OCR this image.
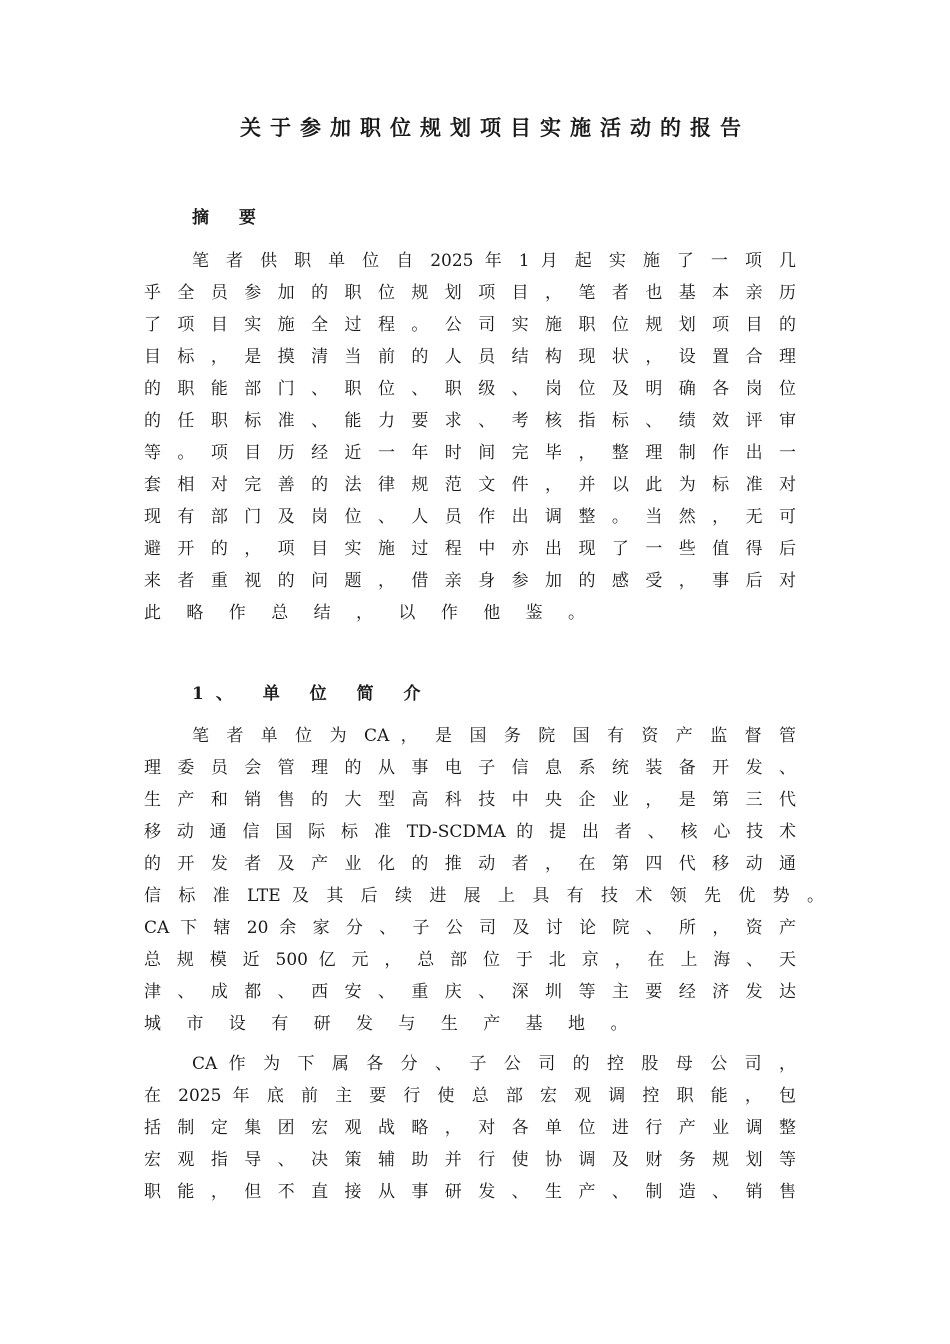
关于参加职位规划项目实施活动的报告
摘 要
笔 者 供 职 单 位 自 2025 年 1 月 起 实 施 了 一 项 几
乎 全 员 参 加 的 职 位 规 划 项 目 ， 笔 者 也 基 本 亲 历
了 项 目 实 施 全 过 程 。 公 司 实 施 职 位 规 划 项 目 的
目 标 ， 是 摸 清 当 前 的 人 员 结 构 现 状 ， 设 置 合 理
的 职 能 部 门 、 职 位 、 职 级 、 岗 位 及 明 确 各 岗 位
的 任 职 标 准 、 能 力 要 求 、 考 核 指 标 、 绩 效 评 审
等 。 项 目 历 经 近 一 年 时 间 完 毕 ， 整 理 制 作 出 一
套 相 对 完 善 的 法 律 规 范 文 件 ， 并 以 此 为 标 准 对
现 有 部 门 及 岗 位 、 人 员 作 出 调 整 。 当 然 ， 无 可
避 开 的 ， 项 目 实 施 过 程 中 亦 出 现 了 一 些 值 得 后
来 者 重 视 的 问 题 ， 借 亲 身 参 加 的 感 受 ， 事 后 对
此 略 作 总 结 ， 以 作 他 鉴 。
1、 单 位 简 介
笔 者 单 位 为 CA ， 是 国 务 院 国 有 资 产 监 督 管
理 委 员 会 管 理 的 从 事 电 子 信 息 系 统 装 备 开 发 、
生 产 和 销 售 的 大 型 高 科 技 中 央 企 业 ， 是 第 三 代
移 动 通 信 国 际 标 准 TD-SCDMA 的 提 出 者 、 核 心 技 术
的 开 发 者 及 产 业 化 的 推 动 者 ， 在 第 四 代 移 动 通
信 标 准 LTE 及 其 后 续 进 展 上 具 有 技 术 领 先 优 势 。
CA 下 辖 20 余 家 分 、 子 公 司 及 讨 论 院 、 所 ， 资 产
总 规 模 近 500 亿 元 ， 总 部 位 于 北 京 ， 在 上 海 、 天
津 、 成 都 、 西 安 、 重 庆 、 深 圳 等 主 要 经 济 发 达
城 市 设 有 研 发 与 生 产 基 地 。
CA 作 为 下 属 各 分 、 子 公 司 的 控 股 母 公 司 ，
在 2025 年 底 前 主 要 行 使 总 部 宏 观 调 控 职 能 ， 包
括 制 定 集 团 宏 观 战 略 ， 对 各 单 位 进 行 产 业 调 整
宏 观 指 导 、 决 策 辅 助 并 行 使 协 调 及 财 务 规 划 等
职 能 ， 但 不 直 接 从 事 研 发 、 生 产 、 制 造 、 销 售
